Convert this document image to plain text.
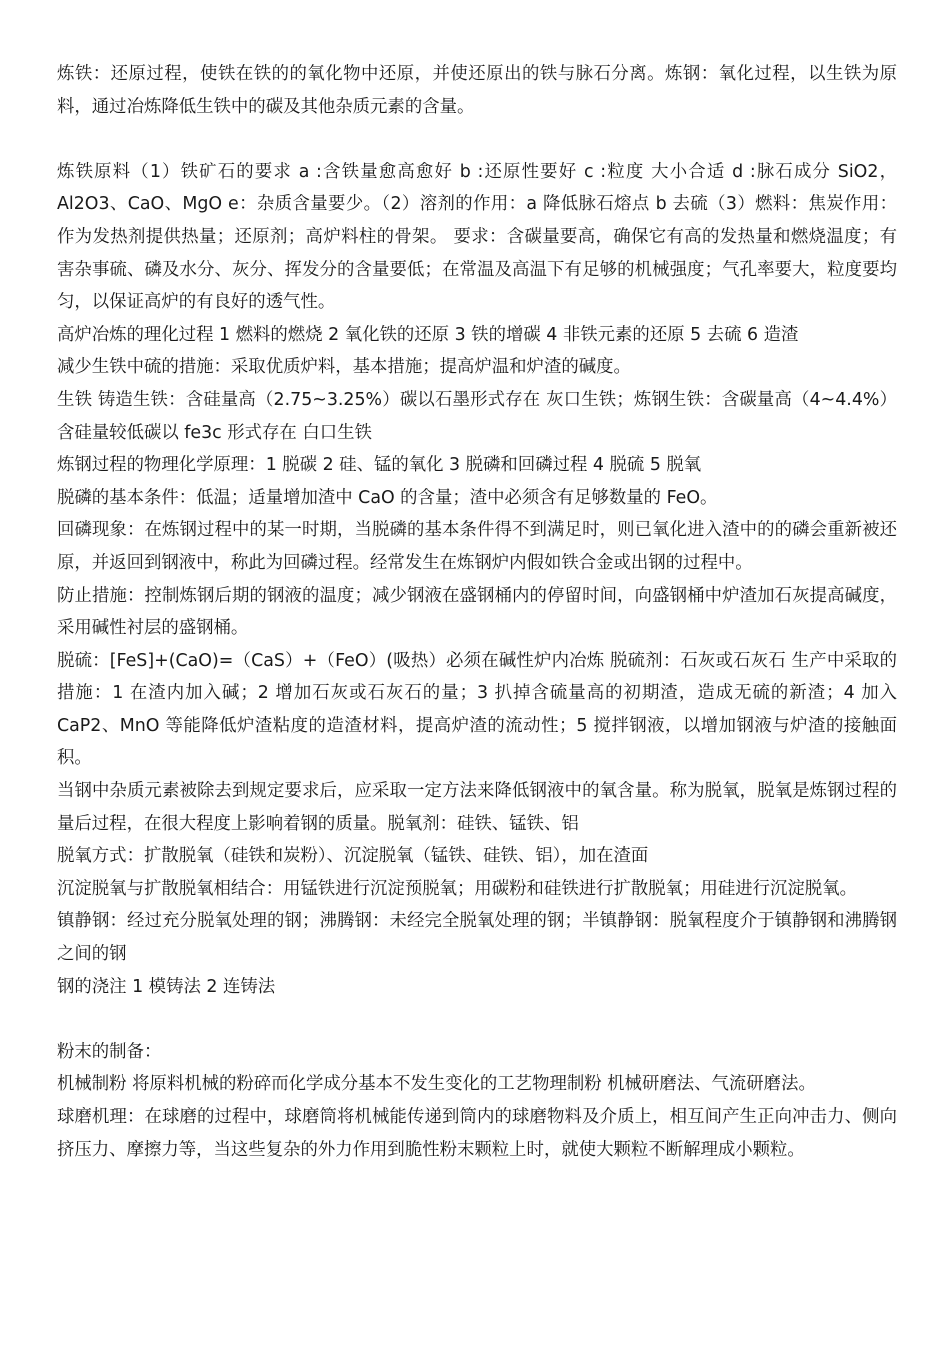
炼铁：还原过程，使铁在铁的的氧化物中还原，并使还原出的铁与脉石分离。炼钢：氧化过程，以生铁为原料，通过冶炼降低生铁中的碳及其他杂质元素的含量。

炼铁原料（1）铁矿石的要求 a :含铁量愈高愈好 b :还原性要好 c :粒度 大小合适 d :脉石成分 SiO2，Al2O3、CaO、MgO e：杂质含量要少。（2）溶剂的作用：a 降低脉石熔点 b 去硫（3）燃料：焦炭作用：作为发热剂提供热量；还原剂；高炉料柱的骨架。 要求：含碳量要高，确保它有高的发热量和燃烧温度；有害杂事硫、磷及水分、灰分、挥发分的含量要低；在常温及高温下有足够的机械强度；气孔率要大，粒度要均匀，以保证高炉的有良好的透气性。

高炉冶炼的理化过程 1 燃料的燃烧 2 氧化铁的还原 3 铁的增碳 4 非铁元素的还原 5 去硫 6 造渣

减少生铁中硫的措施：采取优质炉料，基本措施；提高炉温和炉渣的碱度。

生铁 铸造生铁：含硅量高（2.75~3.25%）碳以石墨形式存在 灰口生铁；炼钢生铁：含碳量高（4~4.4%）含硅量较低碳以 fe3c 形式存在 白口生铁

炼钢过程的物理化学原理：1 脱碳 2 硅、锰的氧化 3 脱磷和回磷过程 4 脱硫 5 脱氧

脱磷的基本条件：低温；适量增加渣中 CaO 的含量；渣中必须含有足够数量的 FeO。

回磷现象：在炼钢过程中的某一时期，当脱磷的基本条件得不到满足时，则已氧化进入渣中的的磷会重新被还原，并返回到钢液中，称此为回磷过程。经常发生在炼钢炉内假如铁合金或出钢的过程中。

防止措施：控制炼钢后期的钢液的温度；减少钢液在盛钢桶内的停留时间，向盛钢桶中炉渣加石灰提高碱度，采用碱性衬层的盛钢桶。

脱硫：[FeS]+(CaO)=（CaS）+（FeO）(吸热）必须在碱性炉内冶炼 脱硫剂：石灰或石灰石 生产中采取的措施：1 在渣内加入碱；2 增加石灰或石灰石的量；3 扒掉含硫量高的初期渣，造成无硫的新渣；4 加入 CaP2、MnO 等能降低炉渣粘度的造渣材料，提高炉渣的流动性；5 搅拌钢液，以增加钢液与炉渣的接触面积。

当钢中杂质元素被除去到规定要求后，应采取一定方法来降低钢液中的氧含量。称为脱氧，脱氧是炼钢过程的量后过程，在很大程度上影响着钢的质量。脱氧剂：硅铁、锰铁、铝

脱氧方式：扩散脱氧（硅铁和炭粉）、沉淀脱氧（锰铁、硅铁、铝），加在渣面

沉淀脱氧与扩散脱氧相结合：用锰铁进行沉淀预脱氧；用碳粉和硅铁进行扩散脱氧；用硅进行沉淀脱氧。

镇静钢：经过充分脱氧处理的钢；沸腾钢：未经完全脱氧处理的钢；半镇静钢：脱氧程度介于镇静钢和沸腾钢之间的钢

钢的浇注 1 模铸法 2 连铸法

粉末的制备：

机械制粉 将原料机械的粉碎而化学成分基本不发生变化的工艺物理制粉 机械研磨法、气流研磨法。

球磨机理：在球磨的过程中，球磨筒将机械能传递到筒内的球磨物料及介质上，相互间产生正向冲击力、侧向挤压力、摩擦力等，当这些复杂的外力作用到脆性粉末颗粒上时，就使大颗粒不断解理成小颗粒。
